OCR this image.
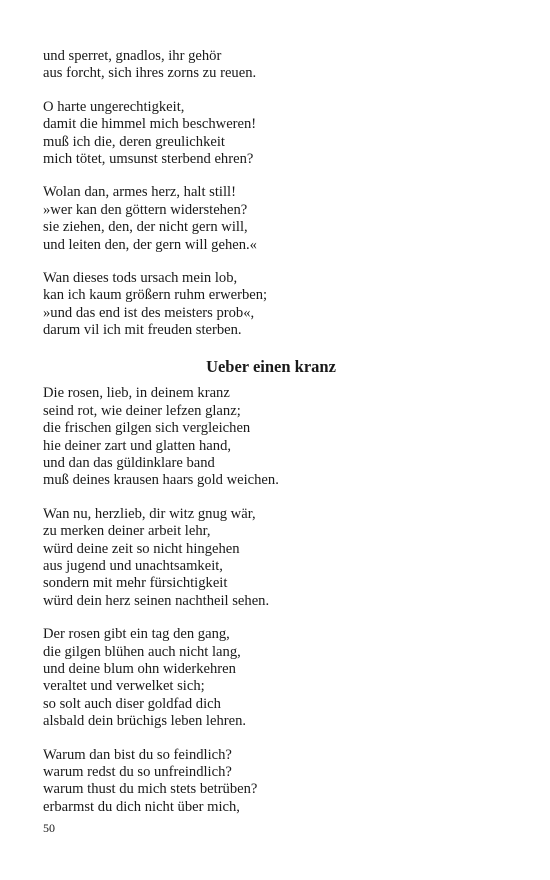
und sperret, gnadlos, ihr gehör
aus forcht, sich ihres zorns zu reuen.
O harte ungerechtigkeit,
damit die himmel mich beschweren!
muß ich die, deren greulichkeit
mich tötet, umsunst sterbend ehren?
Wolan dan, armes herz, halt still!
»wer kan den göttern widerstehen?
sie ziehen, den, der nicht gern will,
und leiten den, der gern will gehen.«
Wan dieses tods ursach mein lob,
kan ich kaum größern ruhm erwerben;
»und das end ist des meisters prob«,
darum vil ich mit freuden sterben.
Ueber einen kranz
Die rosen, lieb, in deinem kranz
seind rot, wie deiner lefzen glanz;
die frischen gilgen sich vergleichen
hie deiner zart und glatten hand,
und dan das güldinklare band
muß deines krausen haars gold weichen.
Wan nu, herzlieb, dir witz gnug wär,
zu merken deiner arbeit lehr,
würd deine zeit so nicht hingehen
aus jugend und unachtsamkeit,
sondern mit mehr fürsichtigkeit
würd dein herz seinen nachtheil sehen.
Der rosen gibt ein tag den gang,
die gilgen blühen auch nicht lang,
und deine blum ohn widerkehren
veraltet und verwelket sich;
so solt auch diser goldfad dich
alsbald dein brüchigs leben lehren.
Warum dan bist du so feindlich?
warum redst du so unfreindlich?
warum thust du mich stets betrüben?
erbarmst du dich nicht über mich,
50
